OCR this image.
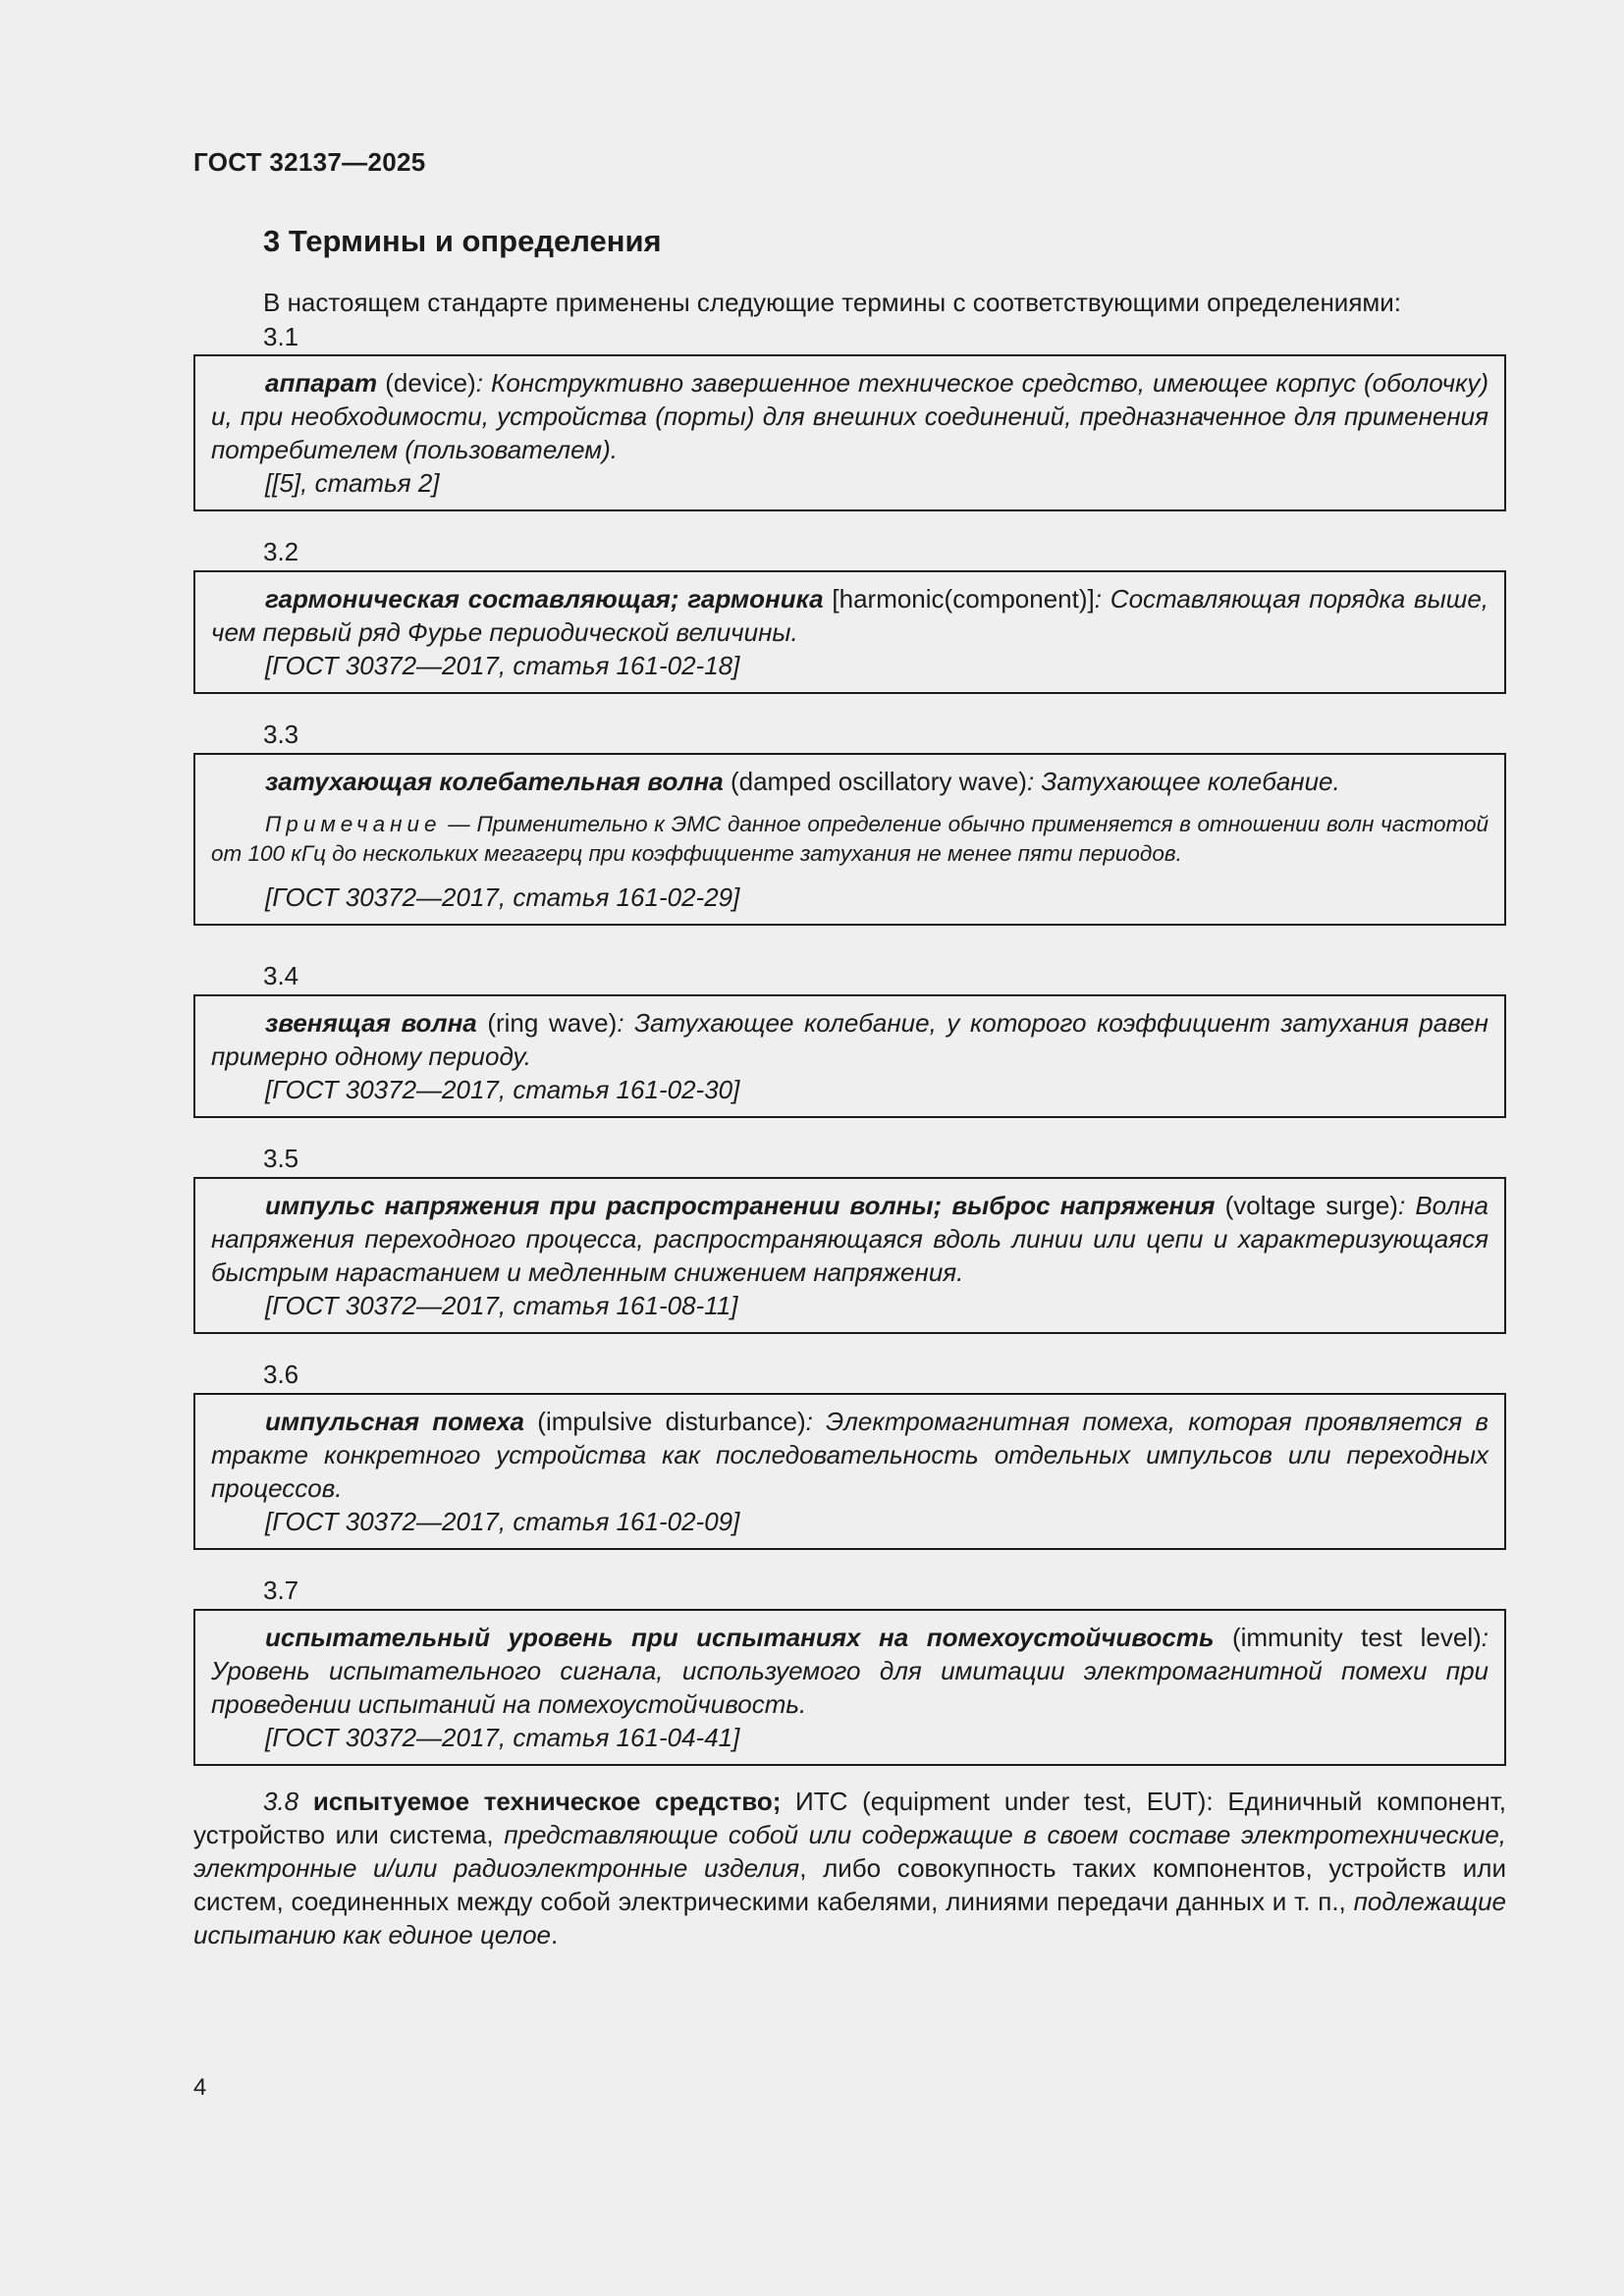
ГОСТ 32137—2025
3 Термины и определения
В настоящем стандарте применены следующие термины с соответствующими определениями:
3.1

аппарат (device): Конструктивно завершенное техническое средство, имеющее корпус (оболочку) и, при необходимости, устройства (порты) для внешних соединений, предназначенное для применения потребителем (пользователем).

[[5], статья 2]

3.2

гармоническая составляющая; гармоника [harmonic(component)]: Составляющая порядка выше, чем первый ряд Фурье периодической величины.

[ГОСТ 30372—2017, статья 161-02-18]

3.3

затухающая колебательная волна (damped oscillatory wave): Затухающее колебание.

Примечание — Применительно к ЭМС данное определение обычно применяется в отношении волн частотой от 100 кГц до нескольких мегагерц при коэффициенте затухания не менее пяти периодов.

[ГОСТ 30372—2017, статья 161-02-29]

3.4

звенящая волна (ring wave): Затухающее колебание, у которого коэффициент затухания равен примерно одному периоду.

[ГОСТ 30372—2017, статья 161-02-30]

3.5

импульс напряжения при распространении волны; выброс напряжения (voltage surge): Волна напряжения переходного процесса, распространяющаяся вдоль линии или цепи и характеризующаяся быстрым нарастанием и медленным снижением напряжения.

[ГОСТ 30372—2017, статья 161-08-11]

3.6

импульсная помеха (impulsive disturbance): Электромагнитная помеха, которая проявляется в тракте конкретного устройства как последовательность отдельных импульсов или переходных процессов.

[ГОСТ 30372—2017, статья 161-02-09]

3.7

испытательный уровень при испытаниях на помехоустойчивость (immunity test level): Уровень испытательного сигнала, используемого для имитации электромагнитной помехи при проведении испытаний на помехоустойчивость.

[ГОСТ 30372—2017, статья 161-04-41]

3.8 испытуемое техническое средство; ИТС (equipment under test, EUT): Единичный компонент, устройство или система, представляющие собой или содержащие в своем составе электротехнические, электронные и/или радиоэлектронные изделия, либо совокупность таких компонентов, устройств или систем, соединенных между собой электрическими кабелями, линиями передачи данных и т. п., подлежащие испытанию как единое целое.

4
